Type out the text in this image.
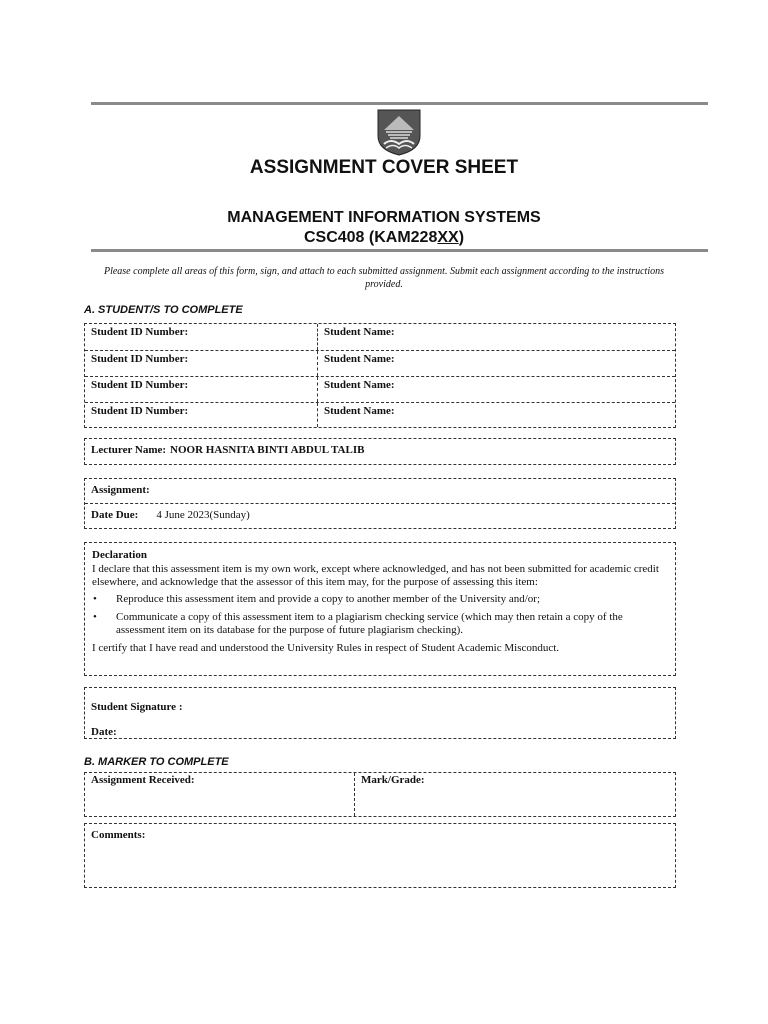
ASSIGNMENT COVER SHEET
MANAGEMENT INFORMATION SYSTEMS
CSC408 (KAM228XX)
Please complete all areas of this form, sign, and attach to each submitted assignment. Submit each assignment according to the instructions provided.
A. STUDENT/S TO COMPLETE
Student ID Number:	Student Name:
Student ID Number:	Student Name:
Student ID Number:	Student Name:
Student ID Number:	Student Name:
Lecturer Name: NOOR HASNITA BINTI ABDUL TALIB
Assignment:
Date Due: 4 June 2023(Sunday)

Declaration

I declare that this assessment item is my own work, except where acknowledged, and has not been submitted for academic credit elsewhere, and acknowledge that the assessor of this item may, for the purpose of assessing this item:

• Reproduce this assessment item and provide a copy to another member of the University and/or;
• Communicate a copy of this assessment item to a plagiarism checking service (which may then retain a copy of the assessment item on its database for the purpose of future plagiarism checking).

I certify that I have read and understood the University Rules in respect of Student Academic Misconduct.

Student Signature :
Date:
B. MARKER TO COMPLETE
Assignment Received:	Mark/Grade:
Comments:
